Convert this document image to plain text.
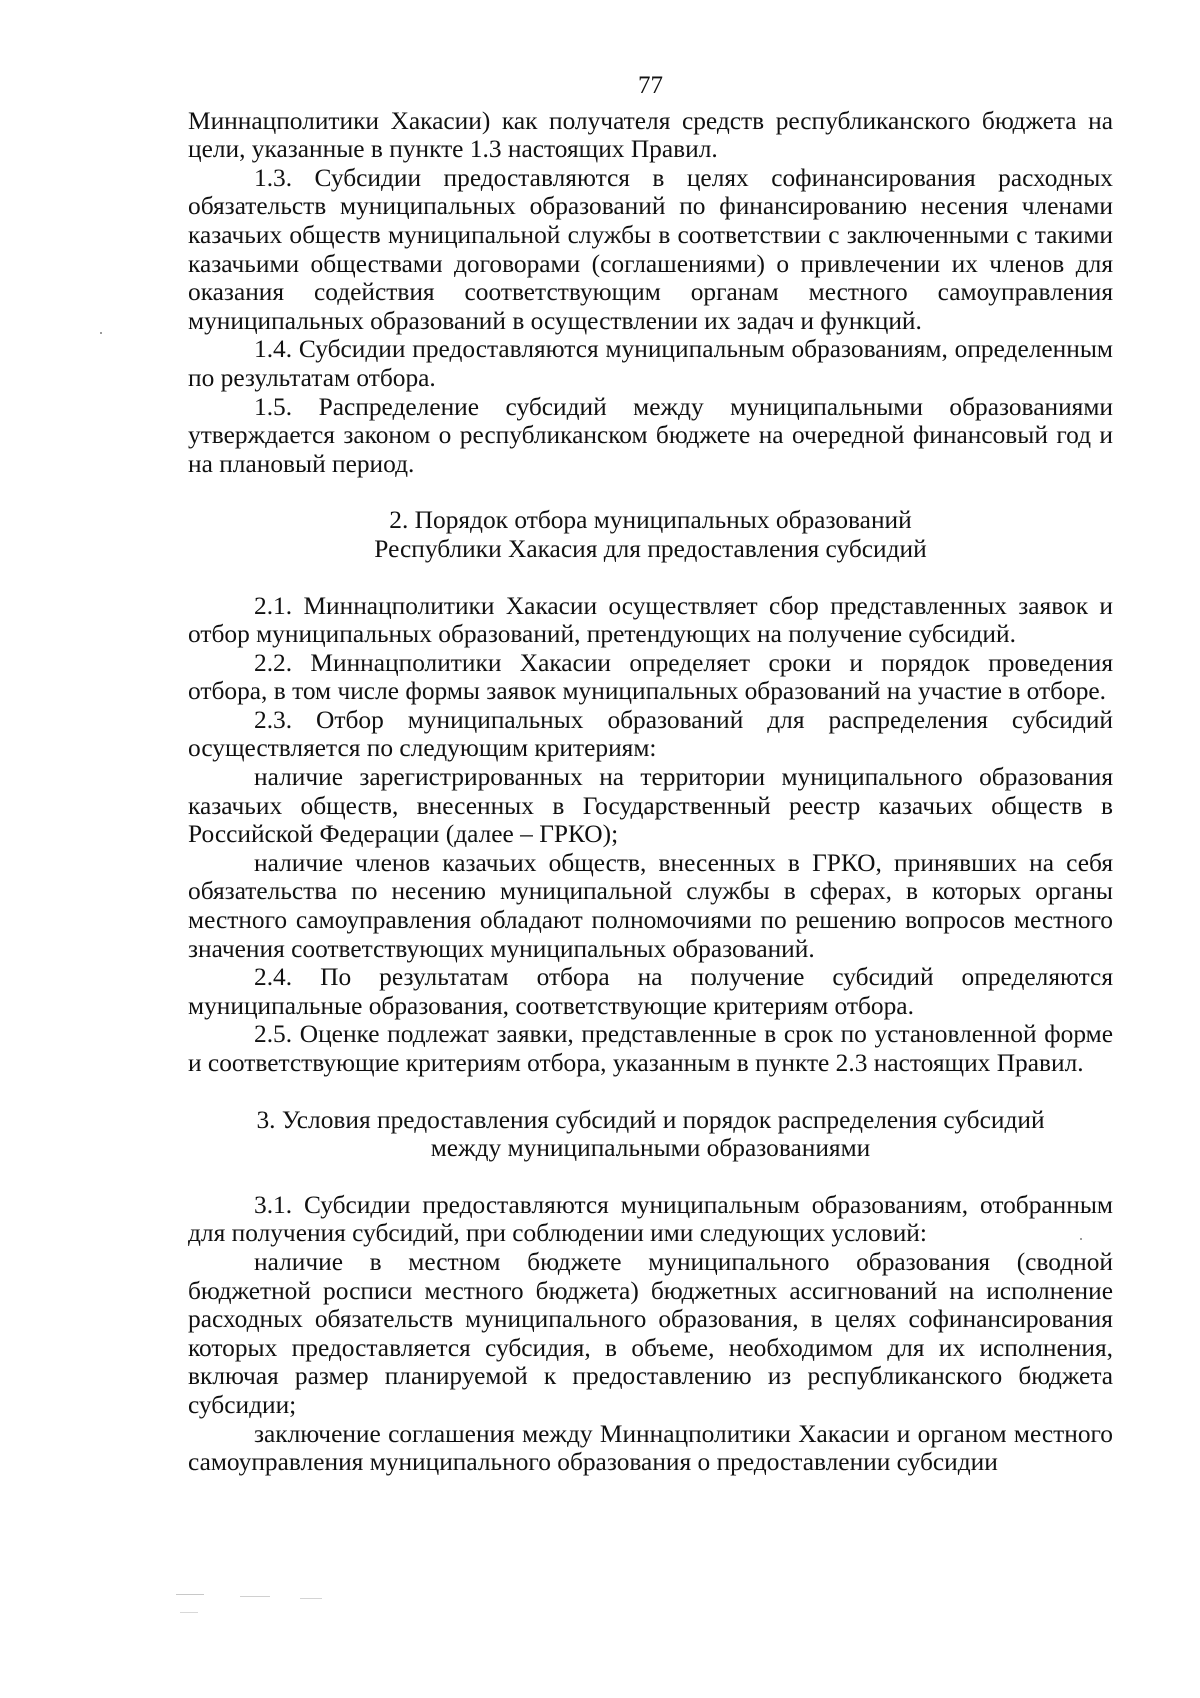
77

Миннацполитики Хакасии) как получателя средств республиканского бюджета на цели, указанные в пункте 1.3 настоящих Правил.

1.3. Субсидии предоставляются в целях софинансирования расходных обязательств муниципальных образований по финансированию несения членами казачьих обществ муниципальной службы в соответствии с заключенными с такими казачьими обществами договорами (соглашениями) о привлечении их членов для оказания содействия соответствующим органам местного самоуправления муниципальных образований в осуществлении их задач и функций.

1.4. Субсидии предоставляются муниципальным образованиям, определенным по результатам отбора.

1.5. Распределение субсидий между муниципальными образованиями утверждается законом о республиканском бюджете на очередной финансовый год и на плановый период.

2. Порядок отбора муниципальных образований
Республики Хакасия для предоставления субсидий

2.1. Миннацполитики Хакасии осуществляет сбор представленных заявок и отбор муниципальных образований, претендующих на получение субсидий.

2.2. Миннацполитики Хакасии определяет сроки и порядок проведения отбора, в том числе формы заявок муниципальных образований на участие в отборе.

2.3. Отбор муниципальных образований для распределения субсидий осуществляется по следующим критериям:

наличие зарегистрированных на территории муниципального образования казачьих обществ, внесенных в Государственный реестр казачьих обществ в Российской Федерации (далее – ГРКО);

наличие членов казачьих обществ, внесенных в ГРКО, принявших на себя обязательства по несению муниципальной службы в сферах, в которых органы местного самоуправления обладают полномочиями по решению вопросов местного значения соответствующих муниципальных образований.

2.4. По результатам отбора на получение субсидий определяются муниципальные образования, соответствующие критериям отбора.

2.5. Оценке подлежат заявки, представленные в срок по установленной форме и соответствующие критериям отбора, указанным в пункте 2.3 настоящих Правил.

3. Условия предоставления субсидий и порядок распределения субсидий
между муниципальными образованиями

3.1. Субсидии предоставляются муниципальным образованиям, отобранным для получения субсидий, при соблюдении ими следующих условий:

наличие в местном бюджете муниципального образования (сводной бюджетной росписи местного бюджета) бюджетных ассигнований на исполнение расходных обязательств муниципального образования, в целях софинансирования которых предоставляется субсидия, в объеме, необходимом для их исполнения, включая размер планируемой к предоставлению из республиканского бюджета субсидии;

заключение соглашения между Миннацполитики Хакасии и органом местного самоуправления муниципального образования о предоставлении субсидии
